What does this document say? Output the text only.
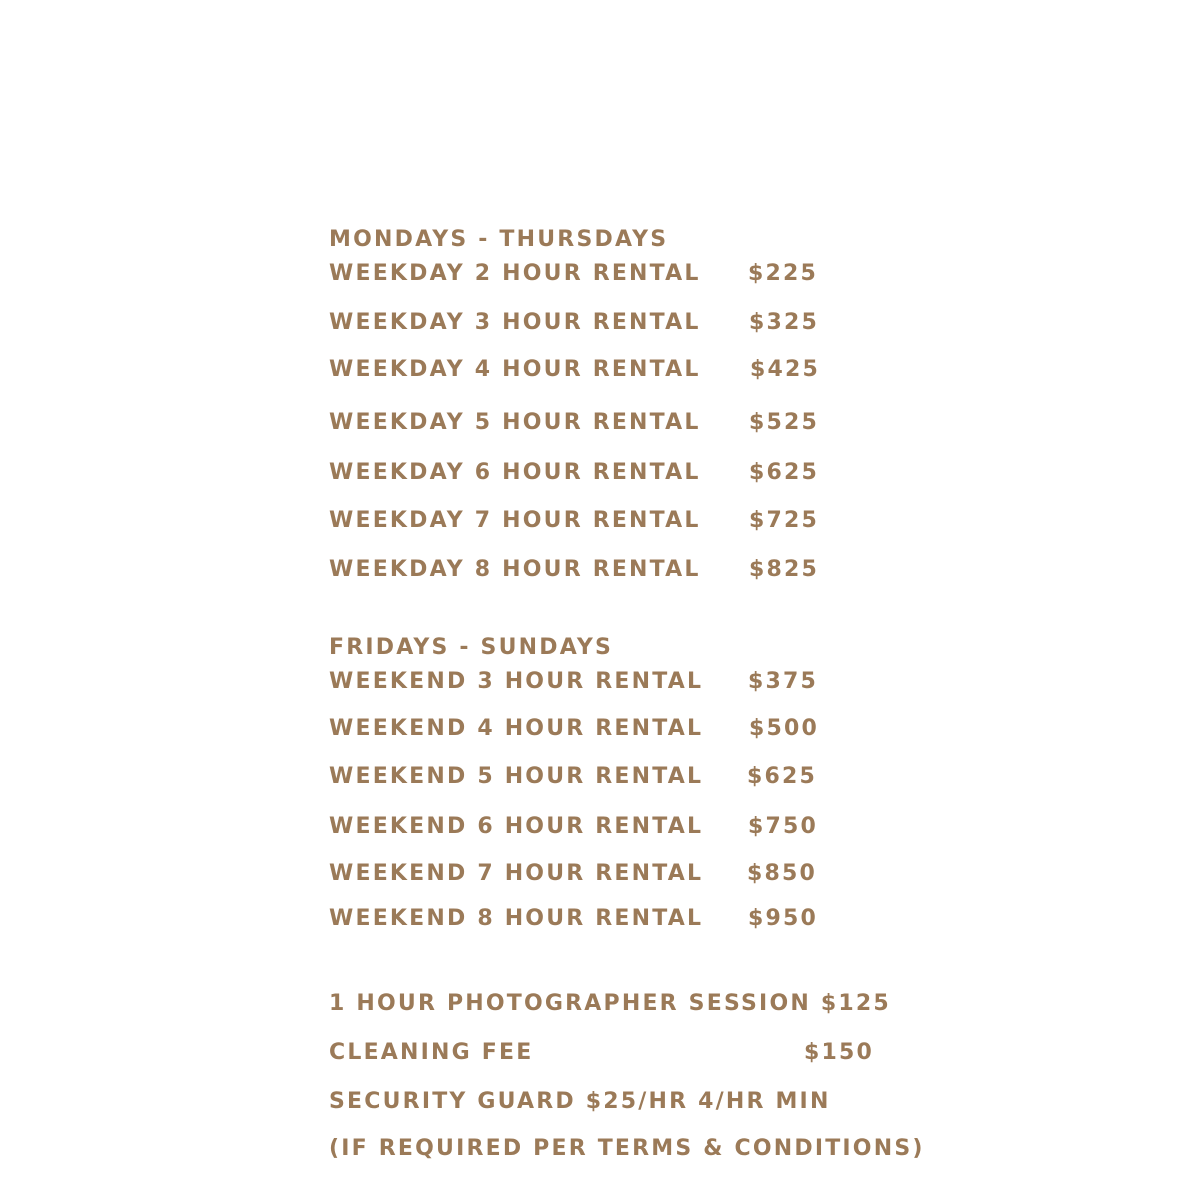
MONDAYS - THURSDAYS
WEEKDAY 2 HOUR RENTAL $225
WEEKDAY 3 HOUR RENTAL $325
WEEKDAY 4 HOUR RENTAL $425
WEEKDAY 5 HOUR RENTAL $525
WEEKDAY 6 HOUR RENTAL $625
WEEKDAY 7 HOUR RENTAL $725
WEEKDAY 8 HOUR RENTAL $825
FRIDAYS - SUNDAYS
WEEKEND 3 HOUR RENTAL $375
WEEKEND 4 HOUR RENTAL $500
WEEKEND 5 HOUR RENTAL $625
WEEKEND 6 HOUR RENTAL $750
WEEKEND 7 HOUR RENTAL $850
WEEKEND 8 HOUR RENTAL $950
1 HOUR PHOTOGRAPHER SESSION $125
CLEANING FEE	$150
SECURITY GUARD $25/HR 4/HR MIN
(IF REQUIRED PER TERMS & CONDITIONS)
